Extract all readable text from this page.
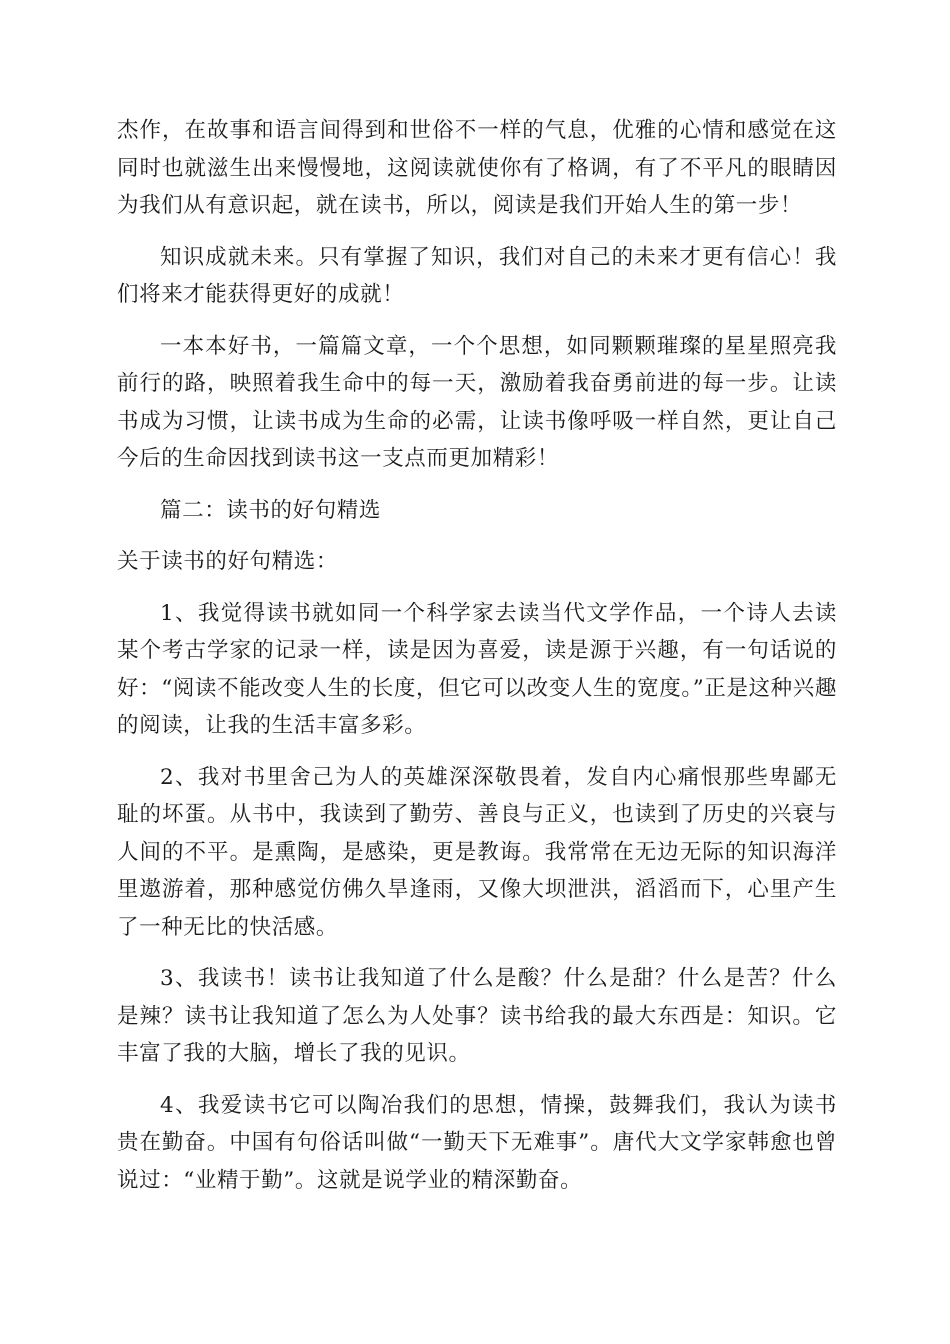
杰作，在故事和语言间得到和世俗不一样的气息，优雅的心情和感觉在这同时也就滋生出来慢慢地，这阅读就使你有了格调，有了不平凡的眼睛因为我们从有意识起，就在读书，所以，阅读是我们开始人生的第一步！

知识成就未来。只有掌握了知识，我们对自己的未来才更有信心！我们将来才能获得更好的成就！

一本本好书，一篇篇文章，一个个思想，如同颗颗璀璨的星星照亮我前行的路，映照着我生命中的每一天，激励着我奋勇前进的每一步。让读书成为习惯，让读书成为生命的必需，让读书像呼吸一样自然，更让自己今后的生命因找到读书这一支点而更加精彩！

篇二：读书的好句精选

关于读书的好句精选：

1、我觉得读书就如同一个科学家去读当代文学作品，一个诗人去读某个考古学家的记录一样，读是因为喜爱，读是源于兴趣，有一句话说的好：“阅读不能改变人生的长度，但它可以改变人生的宽度。”正是这种兴趣的阅读，让我的生活丰富多彩。

2、我对书里舍己为人的英雄深深敬畏着，发自内心痛恨那些卑鄙无耻的坏蛋。从书中，我读到了勤劳、善良与正义，也读到了历史的兴衰与人间的不平。是熏陶，是感染，更是教诲。我常常在无边无际的知识海洋里遨游着，那种感觉仿佛久旱逢雨，又像大坝泄洪，滔滔而下，心里产生了一种无比的快活感。

3、我读书！读书让我知道了什么是酸？什么是甜？什么是苦？什么是辣？读书让我知道了怎么为人处事？读书给我的最大东西是：知识。它丰富了我的大脑，增长了我的见识。

4、我爱读书它可以陶冶我们的思想，情操，鼓舞我们，我认为读书贵在勤奋。中国有句俗话叫做“一勤天下无难事”。唐代大文学家韩愈也曾说过：“业精于勤”。这就是说学业的精深勤奋。
